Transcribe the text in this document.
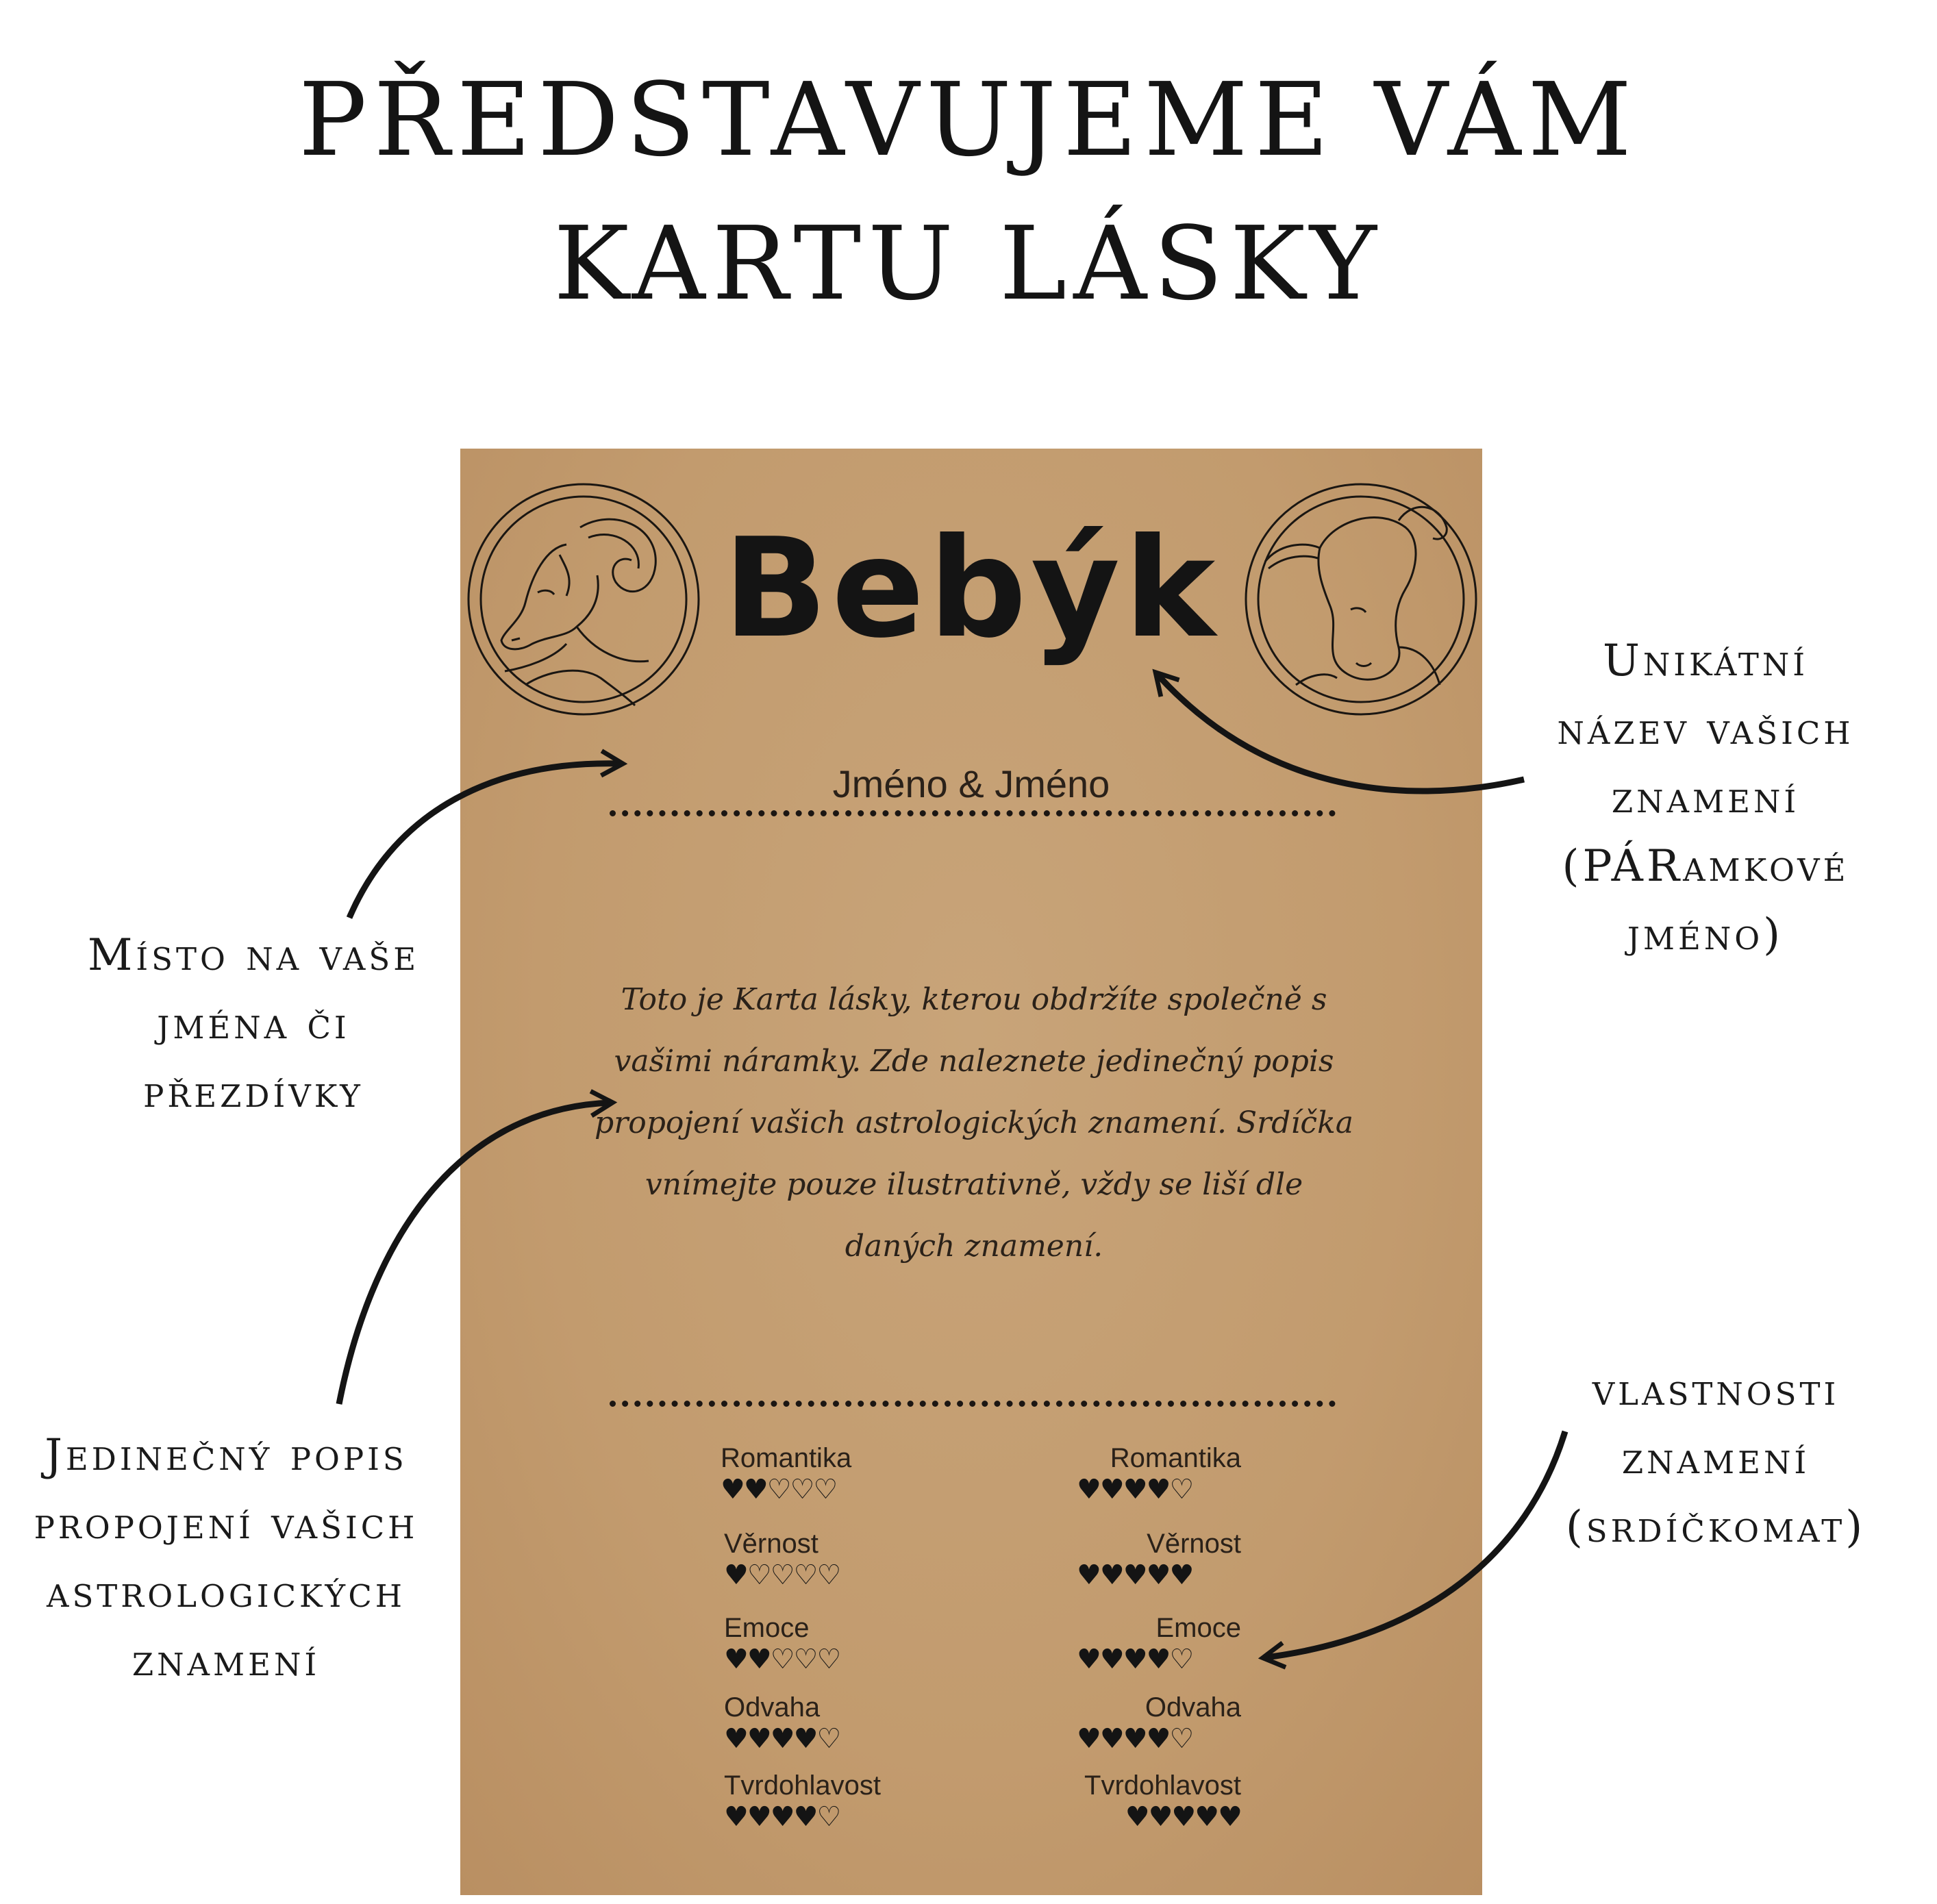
PŘEDSTAVUJEME VÁM
KARTU LÁSKY
Bebýk
Jméno & Jméno
Toto je Karta lásky, kterou obdržíte společně s vašimi náramky. Zde naleznete jedinečný popis propojení vašich astrologických znamení. Srdíčka vnímejte pouze ilustrativně, vždy se liší dle daných znamení.
Romantika
♥♥♡♡♡
Věrnost
♥♡♡♡♡
Emoce
♥♥♡♡♡
Odvaha
♥♥♥♥♡
Tvrdohlavost
♥♥♥♥♡
Romantika
♥♥♥♥♡
Věrnost
♥♥♥♥♥
Emoce
♥♥♥♥♡
Odvaha
♥♥♥♥♡
Tvrdohlavost
♥♥♥♥♥
Místo na vaše
jména či
přezdívky
Jedinečný popis
propojení vašich
astrologických
znamení
Unikátní
název vašich
znamení
(PÁRamkové
jméno)
vlastnosti
znamení
(srdíčkomat)
